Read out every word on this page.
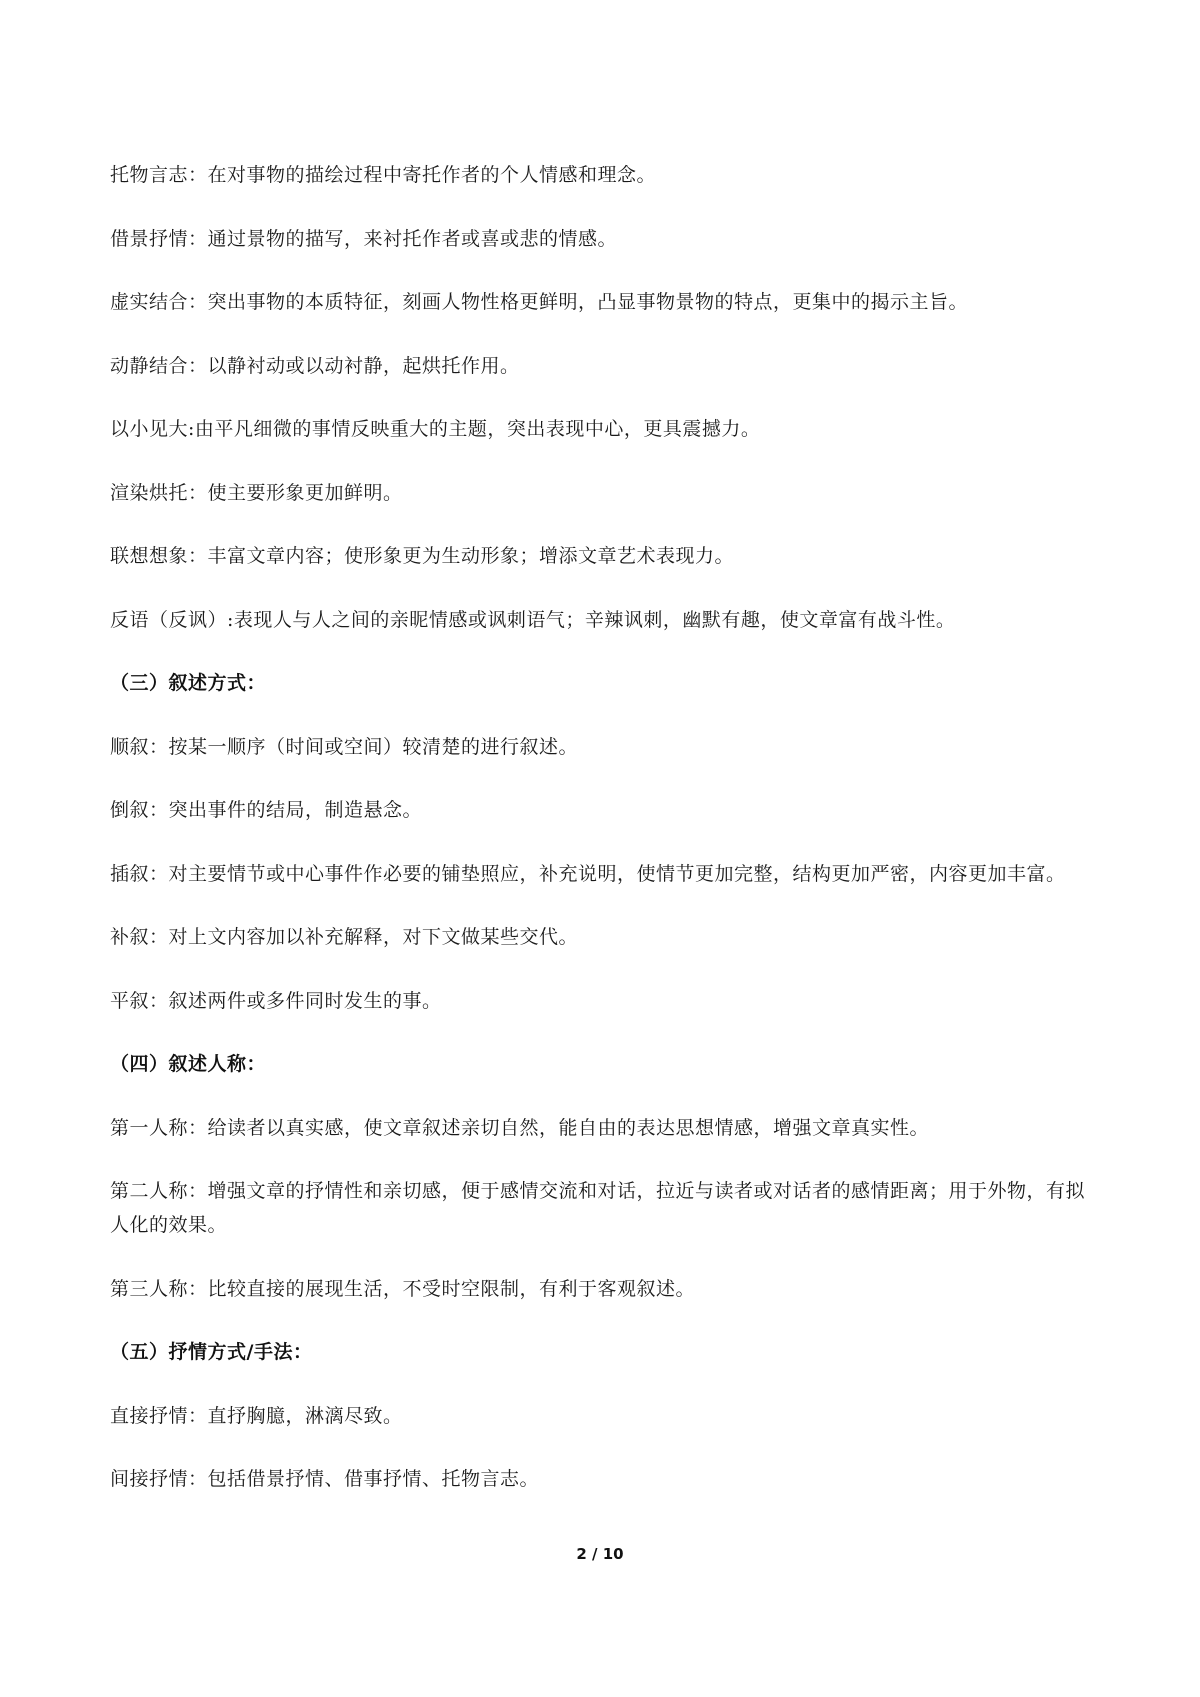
托物言志：在对事物的描绘过程中寄托作者的个人情感和理念。

借景抒情：通过景物的描写，来衬托作者或喜或悲的情感。

虚实结合：突出事物的本质特征，刻画人物性格更鲜明，凸显事物景物的特点，更集中的揭示主旨。

动静结合：以静衬动或以动衬静，起烘托作用。

以小见大:由平凡细微的事情反映重大的主题，突出表现中心，更具震撼力。

渲染烘托：使主要形象更加鲜明。

联想想象：丰富文章内容；使形象更为生动形象；增添文章艺术表现力。

反语（反讽）:表现人与人之间的亲昵情感或讽刺语气；辛辣讽刺，幽默有趣，使文章富有战斗性。

（三）叙述方式：

顺叙：按某一顺序（时间或空间）较清楚的进行叙述。

倒叙：突出事件的结局，制造悬念。

插叙：对主要情节或中心事件作必要的铺垫照应，补充说明，使情节更加完整，结构更加严密，内容更加丰富。

补叙：对上文内容加以补充解释，对下文做某些交代。

平叙：叙述两件或多件同时发生的事。

（四）叙述人称：

第一人称：给读者以真实感，使文章叙述亲切自然，能自由的表达思想情感，增强文章真实性。

第二人称：增强文章的抒情性和亲切感，便于感情交流和对话，拉近与读者或对话者的感情距离；用于外物，有拟人化的效果。

第三人称：比较直接的展现生活，不受时空限制，有利于客观叙述。

（五）抒情方式/手法：

直接抒情：直抒胸臆，淋漓尽致。

间接抒情：包括借景抒情、借事抒情、托物言志。

2 / 10
